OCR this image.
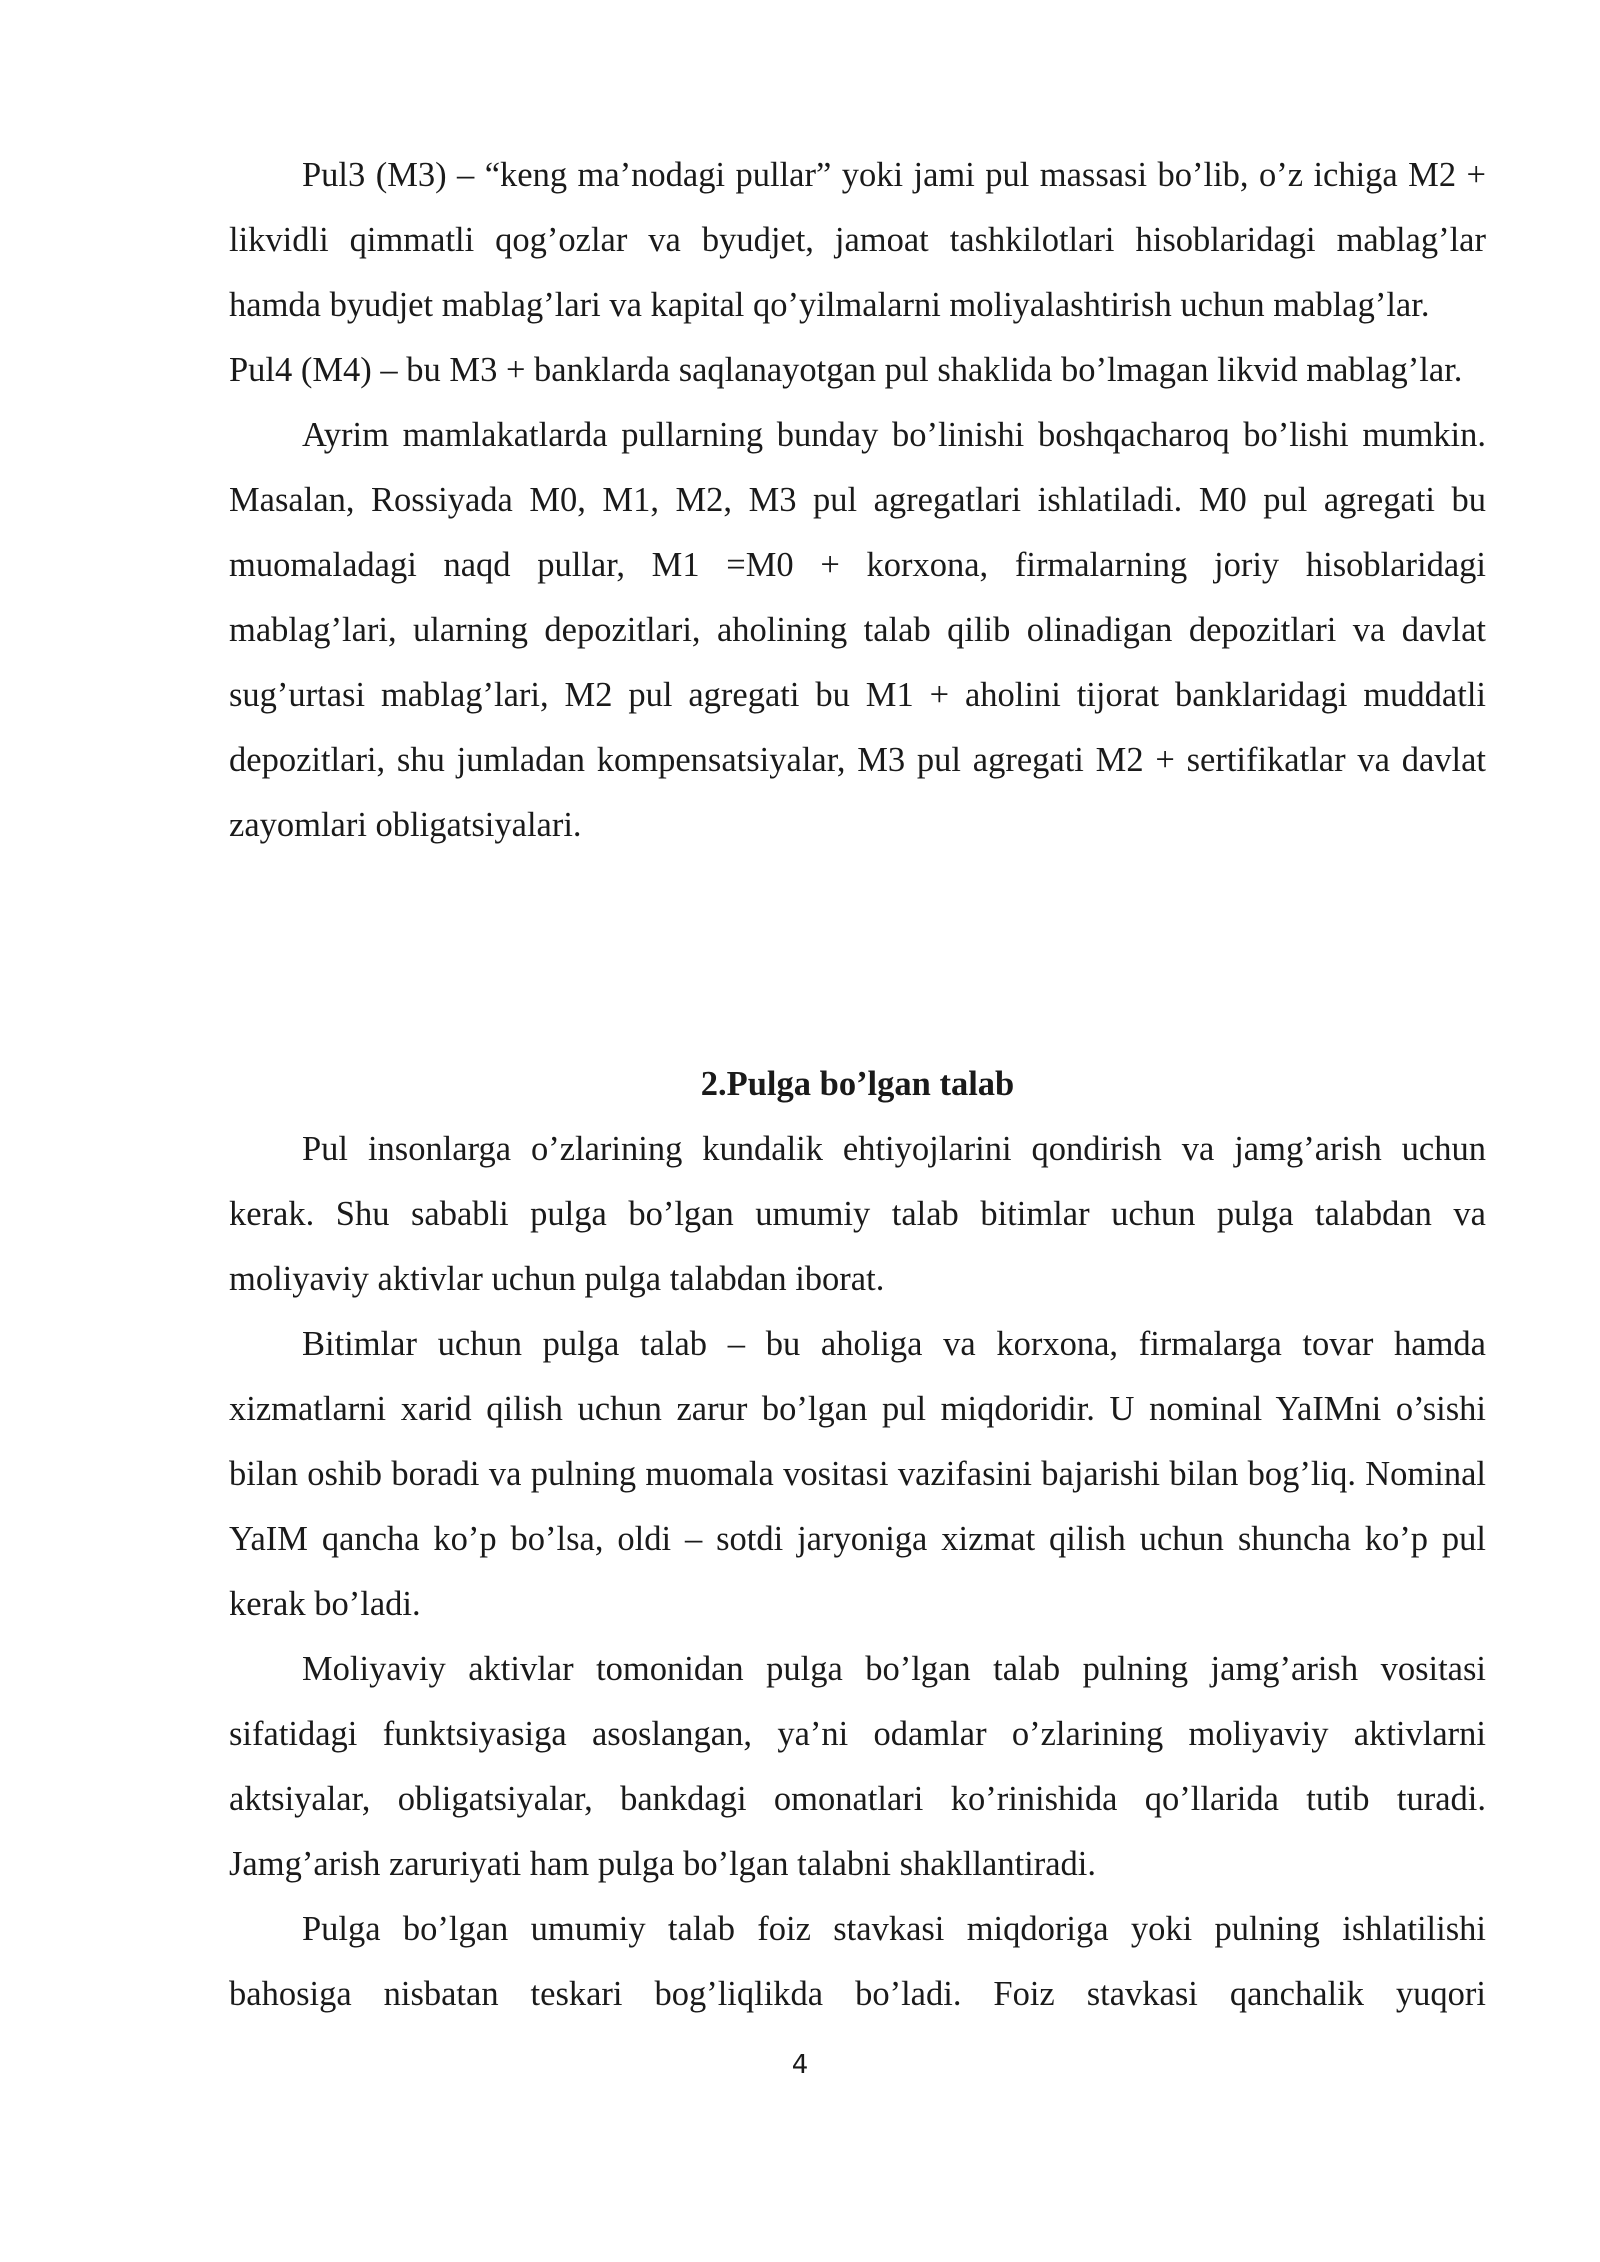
Pul3 (M3) – “keng ma’nodagi pullar” yoki jami pul massasi bo’lib, o’z ichiga M2 + likvidli qimmatli qog’ozlar va byudjet, jamoat tashkilotlari hisoblaridagi mablag’lar hamda byudjet mablag’lari va kapital qo’yilmalarni moliyalashtirish uchun mablag’lar.

Pul4 (M4) – bu M3 + banklarda saqlanayotgan pul shaklida bo’lmagan likvid mablag’lar.

Ayrim mamlakatlarda pullarning bunday bo’linishi boshqacharoq bo’lishi mumkin. Masalan, Rossiyada M0, M1, M2, M3 pul agregatlari ishlatiladi. M0 pul agregati bu muomaladagi naqd pullar, M1 =M0 + korxona, firmalarning joriy hisoblaridagi mablag’lari, ularning depozitlari, aholining talab qilib olinadigan depozitlari va davlat sug’urtasi mablag’lari, M2 pul agregati bu M1 + aholini tijorat banklaridagi muddatli depozitlari, shu jumladan kompensatsiyalar, M3 pul agregati M2 + sertifikatlar va davlat zayomlari obligatsiyalari.

2.Pulga bo’lgan talab

Pul insonlarga o’zlarining kundalik ehtiyojlarini qondirish va jamg’arish uchun kerak. Shu sababli pulga bo’lgan umumiy talab bitimlar uchun pulga talabdan va moliyaviy aktivlar uchun pulga talabdan iborat.

Bitimlar uchun pulga talab – bu aholiga va korxona, firmalarga tovar hamda xizmatlarni xarid qilish uchun zarur bo’lgan pul miqdoridir. U nominal YaIMni o’sishi bilan oshib boradi va pulning muomala vositasi vazifasini bajarishi bilan bog’liq. Nominal YaIM qancha ko’p bo’lsa, oldi – sotdi jaryoniga xizmat qilish uchun shuncha ko’p pul kerak bo’ladi.

Moliyaviy aktivlar tomonidan pulga bo’lgan talab pulning jamg’arish vositasi sifatidagi funktsiyasiga asoslangan, ya’ni odamlar o’zlarining moliyaviy aktivlarni aktsiyalar, obligatsiyalar, bankdagi omonatlari ko’rinishida qo’llarida tutib turadi. Jamg’arish zaruriyati ham pulga bo’lgan talabni shakllantiradi.

Pulga bo’lgan umumiy talab foiz stavkasi miqdoriga yoki pulning ishlatilishi bahosiga nisbatan teskari bog’liqlikda bo’ladi. Foiz stavkasi qanchalik yuqori

4
